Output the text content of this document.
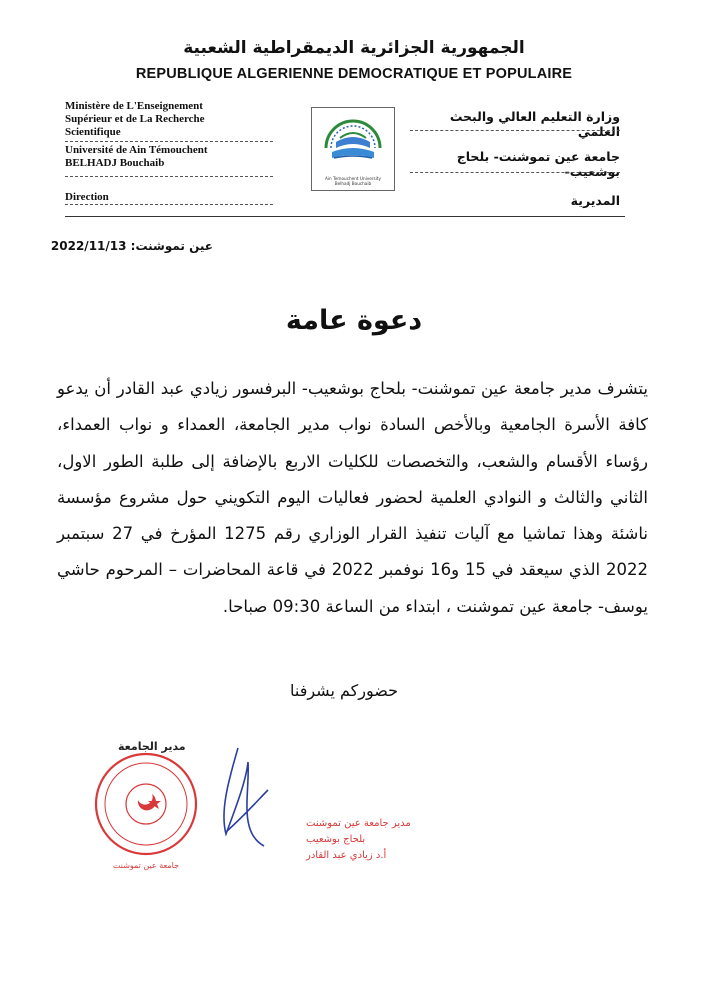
الجمهورية الجزائرية الديمقراطية الشعبية
REPUBLIQUE ALGERIENNE DEMOCRATIQUE ET POPULAIRE
Ministère de L'Enseignement
Supérieur et de La Recherche
Scientifique
Université de Ain Témouchent
BELHADJ Bouchaib
Direction
Ain Temouchent University
Belhadj Bouchaib
وزارة التعليم العالي والبحث العلمي
جامعة عين تموشنت- بلحاج بوشعيب-
المديرية
عين تموشنت: 2022/11/13
دعوة عامة
يتشرف مدير جامعة عين تموشنت- بلحاج بوشعيب- البرفسور زيادي عبد القادر أن يدعو كافة الأسرة الجامعية وبالأخص السادة نواب مدير الجامعة، العمداء و نواب العمداء، رؤساء الأقسام والشعب، والتخصصات للكليات الاربع بالإضافة إلى طلبة الطور الاول، الثاني والثالث و النوادي العلمية لحضور فعاليات اليوم التكويني حول مشروع مؤسسة ناشئة وهذا تماشيا مع آليات تنفيذ القرار الوزاري رقم 1275 المؤرخ في 27 سبتمبر 2022 الذي سيعقد في 15 و16 نوفمبر 2022 في قاعة المحاضرات – المرحوم حاشي يوسف- جامعة عين تموشنت ، ابتداء من الساعة 09:30 صباحا.
حضوركم يشرفنا
مدير جامعة عين تموشنت
بلحاج بوشعيب
أ.د زيادي عبد القادر
جامعة عين تموشنت
مدير الجامعة
